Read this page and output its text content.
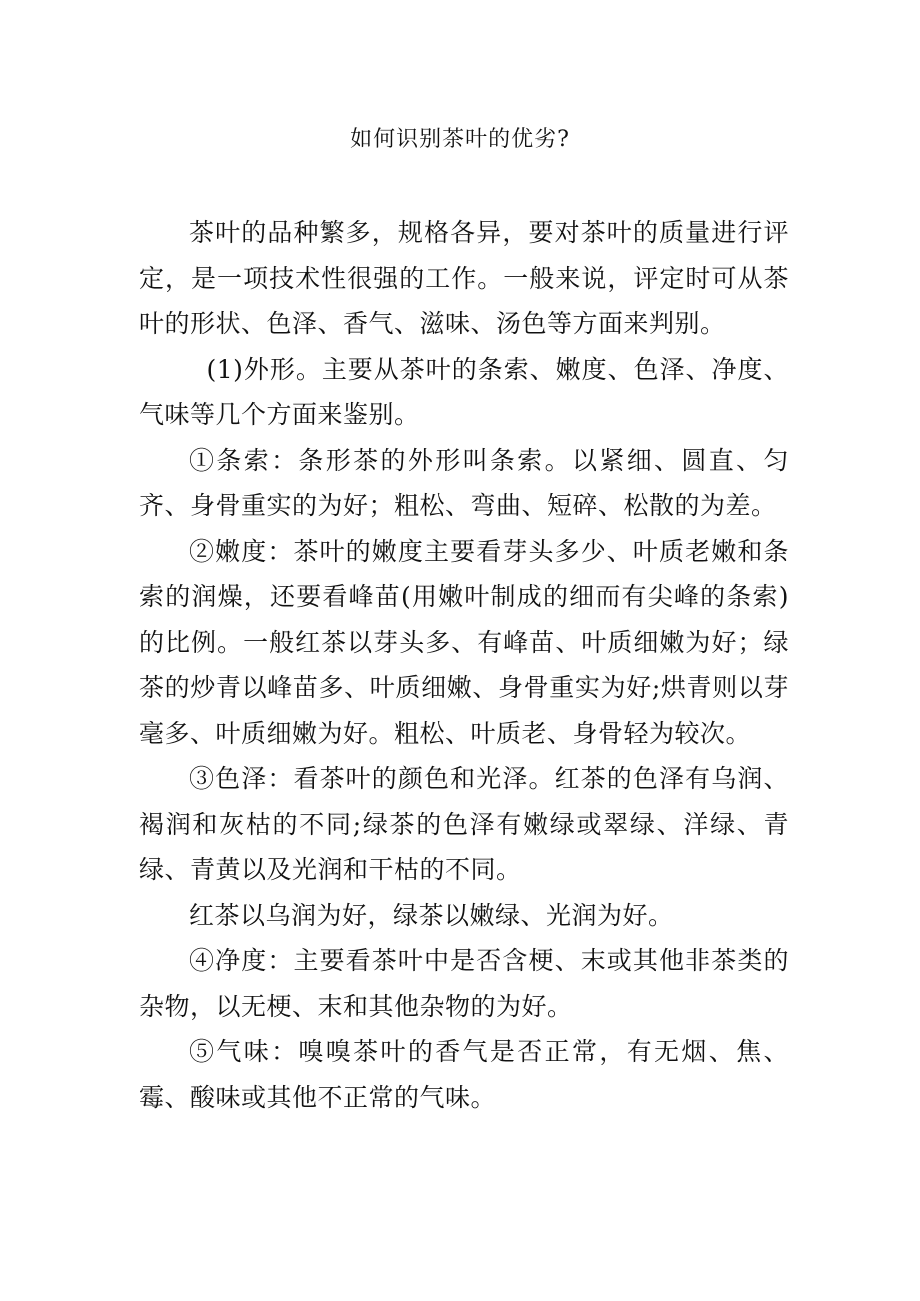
如何识别茶叶的优劣?

茶叶的品种繁多，规格各异，要对茶叶的质量进行评定，是一项技术性很强的工作。一般来说，评定时可从茶叶的形状、色泽、香气、滋味、汤色等方面来判别。

(1)外形。主要从茶叶的条索、嫩度、色泽、净度、气味等几个方面来鉴别。

①条索：条形茶的外形叫条索。以紧细、圆直、匀齐、身骨重实的为好；粗松、弯曲、短碎、松散的为差。

②嫩度：茶叶的嫩度主要看芽头多少、叶质老嫩和条索的润燥，还要看峰苗(用嫩叶制成的细而有尖峰的条索)的比例。一般红茶以芽头多、有峰苗、叶质细嫩为好；绿茶的炒青以峰苗多、叶质细嫩、身骨重实为好;烘青则以芽毫多、叶质细嫩为好。粗松、叶质老、身骨轻为较次。

③色泽：看茶叶的颜色和光泽。红茶的色泽有乌润、褐润和灰枯的不同;绿茶的色泽有嫩绿或翠绿、洋绿、青绿、青黄以及光润和干枯的不同。

红茶以乌润为好，绿茶以嫩绿、光润为好。

④净度：主要看茶叶中是否含梗、末或其他非茶类的杂物，以无梗、末和其他杂物的为好。

⑤气味：嗅嗅茶叶的香气是否正常，有无烟、焦、霉、酸味或其他不正常的气味。
